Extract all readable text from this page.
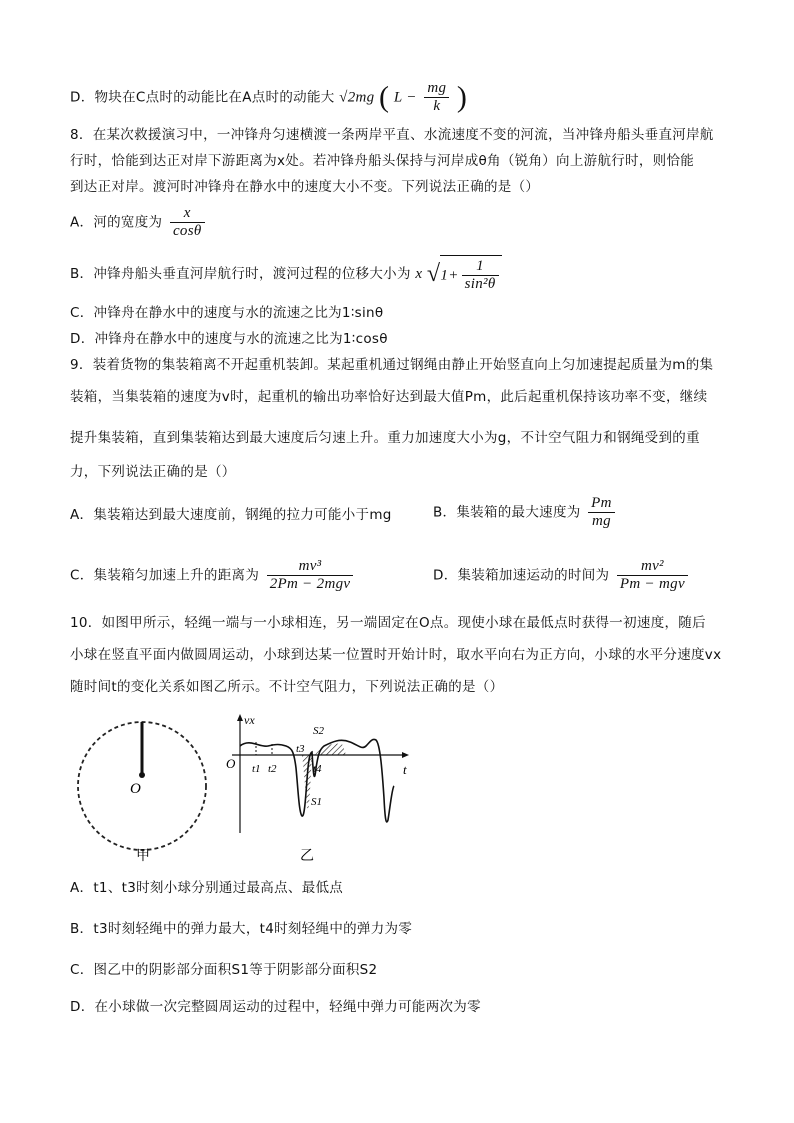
D．物块在C点时的动能比在A点时的动能大 √2mg ( $L - \frac{mg}{k}$ )
8．在某次救援演习中，一冲锋舟匀速横渡一条两岸平直、水流速度不变的河流，当冲锋舟船头垂直河岸航
行时，恰能到达正对岸下游距离为x处。若冲锋舟船头保持与河岸成θ角（锐角）向上游航行时，则恰能
到达正对岸。渡河时冲锋舟在静水中的速度大小不变。下列说法正确的是（）
A．河的宽度为 $\frac{x}{\cos\theta}$
B．冲锋舟船头垂直河岸航行时，渡河过程的位移大小为 x $√1+ \frac{1}{\text{sin²θ}}$
C．冲锋舟在静水中的速度与水的流速之比为1∶sinθ
D．冲锋舟在静水中的速度与水的流速之比为1∶cosθ
9．装着货物的集装箱离不开起重机装卸。某起重机通过钢绳由静止开始竖直向上匀加速提起质量为m的集
装箱，当集装箱的速度为v时，起重机的输出功率恰好达到最大值Pm，此后起重机保持该功率不变，继续
提升集装箱，直到集装箱达到最大速度后匀速上升。重力加速度大小为g，不计空气阻力和钢绳受到的重
力，下列说法正确的是（）
A．集装箱达到最大速度前，钢绳的拉力可能小于mg	B．集装箱的最大速度为 $\frac{Pm}{mg}$
C．集装箱匀加速上升的距离为 $\frac{\text{mv³}}{\text{2Pm − 2mgv}}$	D．集装箱加速运动的时间为 $\frac{\text{mv²}}{\text{Pm − mgv}}$
10．如图甲所示，轻绳一端与一小球相连，另一端固定在O点。现使小球在最低点时获得一初速度，随后
小球在竖直平面内做圆周运动，小球到达某一位置时开始计时，取水平向右为正方向，小球的水平分速度vx
随时间t的变化关系如图乙所示。不计空气阻力，下列说法正确的是（）
O
甲
vx
t
O t1 t2
t3
t4
S1
S2
乙
A．t1、t3时刻小球分别通过最高点、最低点
B．t3时刻轻绳中的弹力最大，t4时刻轻绳中的弹力为零
C．图乙中的阴影部分面积S1等于阴影部分面积S2
D．在小球做一次完整圆周运动的过程中，轻绳中弹力可能两次为零
